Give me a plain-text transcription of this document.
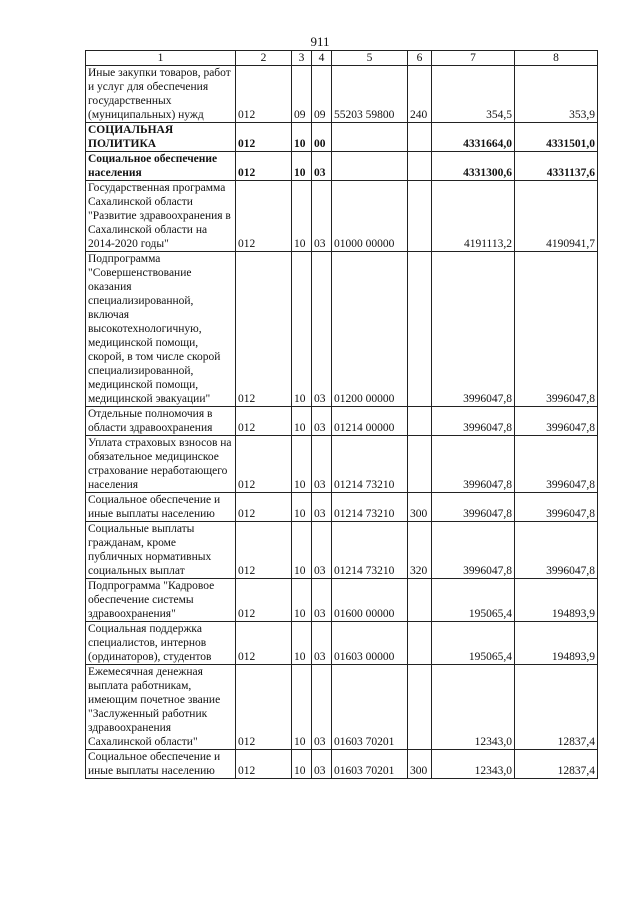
911
1	2	3	4	5	6	7	8
Иные закупки товаров, работ и услуг для обеспечения государственных (муниципальных) нужд	012	09	09	55203 59800	240	354,5	353,9
СОЦИАЛЬНАЯ ПОЛИТИКА	012	10	00			4331664,0	4331501,0
Социальное обеспечение населения	012	10	03			4331300,6	4331137,6
Государственная программа Сахалинской области "Развитие здравоохранения в Сахалинской области на 2014-2020 годы"	012	10	03	01000 00000		4191113,2	4190941,7
Подпрограмма "Совершенствование оказания специализированной, включая высокотехнологичную, медицинской помощи, скорой, в том числе скорой специализированной, медицинской помощи, медицинской эвакуации"	012	10	03	01200 00000		3996047,8	3996047,8
Отдельные полномочия в области здравоохранения	012	10	03	01214 00000		3996047,8	3996047,8
Уплата страховых взносов на обязательное медицинское страхование неработающего населения	012	10	03	01214 73210		3996047,8	3996047,8
Социальное обеспечение и иные выплаты населению	012	10	03	01214 73210	300	3996047,8	3996047,8
Социальные выплаты гражданам, кроме публичных нормативных социальных выплат	012	10	03	01214 73210	320	3996047,8	3996047,8
Подпрограмма "Кадровое обеспечение системы здравоохранения"	012	10	03	01600 00000		195065,4	194893,9
Социальная поддержка специалистов, интернов (ординаторов), студентов	012	10	03	01603 00000		195065,4	194893,9
Ежемесячная денежная выплата работникам, имеющим почетное звание "Заслуженный работник здравоохранения Сахалинской области"	012	10	03	01603 70201		12343,0	12837,4
Социальное обеспечение и иные выплаты населению	012	10	03	01603 70201	300	12343,0	12837,4
